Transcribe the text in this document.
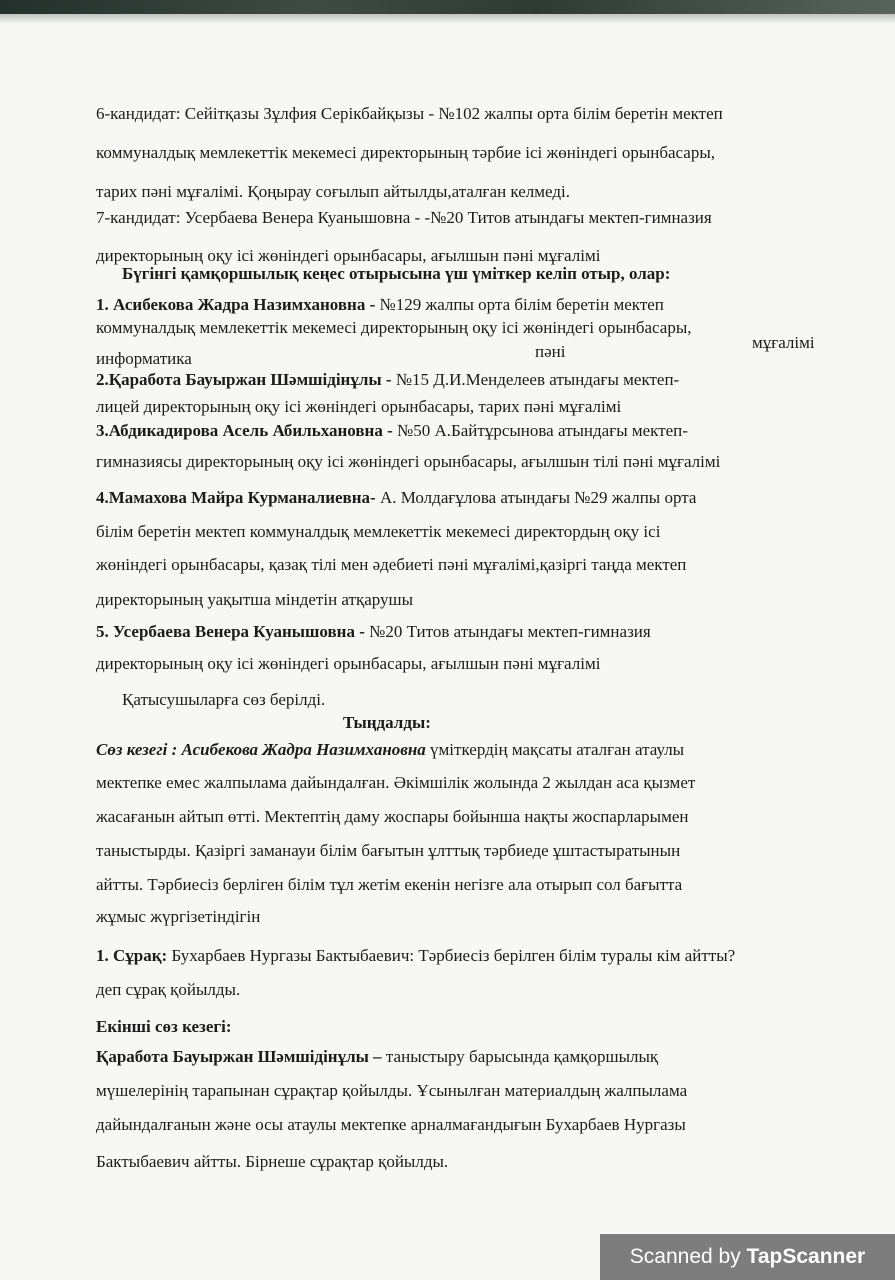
6-кандидат: Сейітқазы Зұлфия Серікбайқызы - №102 жалпы орта білім беретін мектеп
коммуналдық мемлекеттік мекемесі директорының тәрбие ісі жөніндегі орынбасары,
тарих пәні мұғалімі. Қоңырау соғылып айтылды,аталған келмеді.
7-кандидат: Усербаева Венера Куанышовна - -№20 Титов атындағы мектеп-гимназия
директорының оқу ісі жөніндегі орынбасары, ағылшын пәні мұғалімі
Бүгінгі қамқоршылық кеңес отырысына үш үміткер келіп отыр, олар:
1. Асибекова Жадра Назимхановна - №129 жалпы орта білім беретін мектеп
коммуналдық мемлекеттік мекемесі директорының оқу ісі жөніндегі орынбасары,
информатика	пәні	мұғалімі
2.Қаработа Бауыржан Шәмшідінұлы - №15 Д.И.Менделеев атындағы мектеп-
лицей директорының оқу ісі жөніндегі орынбасары, тарих пәні мұғалімі
3.Абдикадирова Асель Абильхановна - №50 А.Байтұрсынова атындағы мектеп-
гимназиясы директорының оқу ісі жөніндегі орынбасары, ағылшын тілі пәні мұғалімі
4.Мамахова Майра Курманалиевна- А. Молдағұлова атындағы №29 жалпы орта
білім беретін мектеп коммуналдық мемлекеттік мекемесі директордың оқу ісі
жөніндегі орынбасары, қазақ тілі мен әдебиеті пәні мұғалімі,қазіргі таңда мектеп
директорының уақытша міндетін атқарушы
5. Усербаева Венера Куанышовна - №20 Титов атындағы мектеп-гимназия
директорының оқу ісі жөніндегі орынбасары, ағылшын пәні мұғалімі
Қатысушыларға сөз берілді.
Тыңдалды:
Сөз кезегі : Асибекова Жадра Назимхановна үміткердің мақсаты аталған атаулы
мектепке емес жалпылама дайындалған. Әкімшілік жолында 2 жылдан аса қызмет
жасағанын айтып өтті. Мектептің даму жоспары бойынша нақты жоспарларымен
таныстырды. Қазіргі заманауи білім бағытын ұлттық тәрбиеде ұштастыратынын
айтты. Тәрбиесіз берлiген білім тұл жетім екенін негізге ала отырып сол бағытта
жұмыс жүргізетіндігін
1. Сұрақ: Бухарбаев Нургазы Бактыбаевич: Тәрбиесіз берілген білім туралы кім айтты?
деп сұрақ қойылды.
Екінші сөз кезегі:
Қаработа Бауыржан Шәмшідінұлы – таныстыру барысында қамқоршылық
мүшелерінің тарапынан сұрақтар қойылды. Ұсынылған материалдың жалпылама
дайындалғанын және осы атаулы мектепке арналмағандығын Бухарбаев Нургазы
Бактыбаевич айтты. Бірнеше сұрақтар қойылды.
Scanned by TapScanner
